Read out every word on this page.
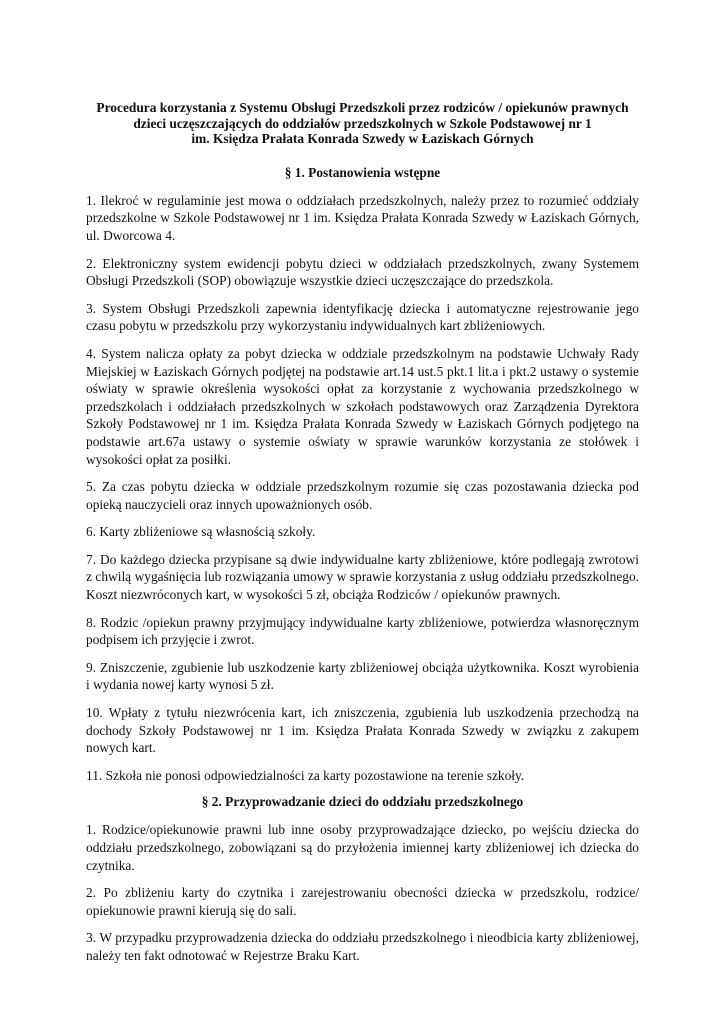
Procedura korzystania z Systemu Obsługi Przedszkoli przez rodziców / opiekunów prawnych
dzieci uczęszczających do oddziałów przedszkolnych w Szkole Podstawowej nr 1
im. Księdza Prałata Konrada Szwedy w Łaziskach Górnych
§ 1. Postanowienia wstępne

1. Ilekroć w regulaminie jest mowa o oddziałach przedszkolnych, należy przez to rozumieć oddziały przedszkolne w Szkole Podstawowej nr 1 im. Księdza Prałata Konrada Szwedy w Łaziskach Górnych, ul. Dworcowa 4.

2. Elektroniczny system ewidencji pobytu dzieci w oddziałach przedszkolnych, zwany Systemem Obsługi Przedszkoli (SOP) obowiązuje wszystkie dzieci uczęszczające do przedszkola.

3. System Obsługi Przedszkoli zapewnia identyfikację dziecka i automatyczne rejestrowanie jego czasu pobytu w przedszkolu przy wykorzystaniu indywidualnych kart zbliżeniowych.

4. System nalicza opłaty za pobyt dziecka w oddziale przedszkolnym na podstawie Uchwały Rady Miejskiej w Łaziskach Górnych podjętej na podstawie art.14 ust.5 pkt.1 lit.a i pkt.2 ustawy o systemie oświaty w sprawie określenia wysokości opłat za korzystanie z wychowania przedszkolnego w przedszkolach i oddziałach przedszkolnych w szkołach podstawowych oraz Zarządzenia Dyrektora Szkoły Podstawowej nr 1 im. Księdza Prałata Konrada Szwedy w Łaziskach Górnych podjętego na podstawie art.67a ustawy o systemie oświaty w sprawie warunków korzystania ze stołówek i wysokości opłat za posiłki.

5. Za czas pobytu dziecka w oddziale przedszkolnym rozumie się czas pozostawania dziecka pod opieką nauczycieli oraz innych upoważnionych osób.

6. Karty zbliżeniowe są własnością szkoły.

7. Do każdego dziecka przypisane są dwie indywidualne karty zbliżeniowe, które podlegają zwrotowi z chwilą wygaśnięcia lub rozwiązania umowy w sprawie korzystania z usług oddziału przedszkolnego. Koszt niezwróconych kart, w wysokości 5 zł, obciąża Rodziców / opiekunów prawnych.

8. Rodzic /opiekun prawny przyjmujący indywidualne karty zbliżeniowe, potwierdza własnoręcznym podpisem ich przyjęcie i zwrot.

9. Zniszczenie, zgubienie lub uszkodzenie karty zbliżeniowej obciąża użytkownika. Koszt wyrobienia i wydania nowej karty wynosi 5 zł.

10. Wpłaty z tytułu niezwrócenia kart, ich zniszczenia, zgubienia lub uszkodzenia przechodzą na dochody Szkoły Podstawowej nr 1 im. Księdza Prałata Konrada Szwedy w związku z zakupem nowych kart.

11. Szkoła nie ponosi odpowiedzialności za karty pozostawione na terenie szkoły.

§ 2. Przyprowadzanie dzieci do oddziału przedszkolnego

1. Rodzice/opiekunowie prawni lub inne osoby przyprowadzające dziecko, po wejściu dziecka do oddziału przedszkolnego, zobowiązani są do przyłożenia imiennej karty zbliżeniowej ich dziecka do czytnika.

2. Po zbliżeniu karty do czytnika i zarejestrowaniu obecności dziecka w przedszkolu, rodzice/ opiekunowie prawni kierują się do sali.

3. W przypadku przyprowadzenia dziecka do oddziału przedszkolnego i nieodbicia karty zbliżeniowej, należy ten fakt odnotować w Rejestrze Braku Kart.
